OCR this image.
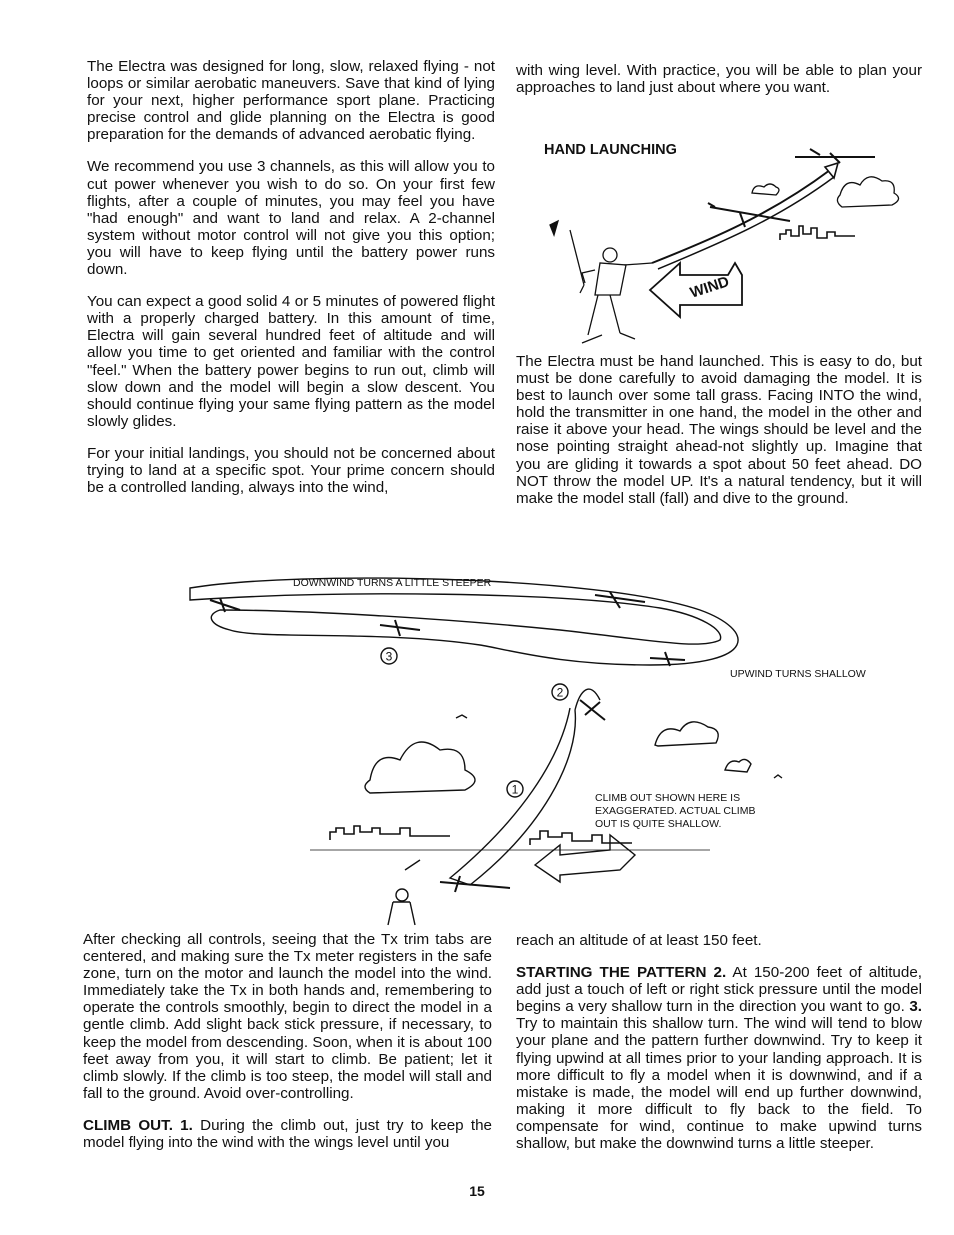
The Electra was designed for long, slow, relaxed flying - not loops or similar aerobatic maneuvers. Save that kind of lying for your next, higher performance sport plane. Practicing precise control and glide planning on the Electra is good preparation for the demands of advanced aerobatic flying.

We recommend you use 3 channels, as this will allow you to cut power whenever you wish to do so. On your first few flights, after a couple of minutes, you may feel you have "had enough" and want to land and relax. A 2-channel system without motor control will not give you this option; you will have to keep flying until the battery power runs down.

You can expect a good solid 4 or 5 minutes of powered flight with a properly charged battery. In this amount of time, Electra will gain several hundred feet of altitude and will allow you time to get oriented and familiar with the control "feel." When the battery power begins to run out, climb will slow down and the model will begin a slow descent. You should continue flying your same flying pattern as the model slowly glides.

For your initial landings, you should not be concerned about trying to land at a specific spot. Your prime concern should be a controlled landing, always into the wind,

with wing level. With practice, you will be able to plan your approaches to land just about where you want.

HAND LAUNCHING
WIND

The Electra must be hand launched. This is easy to do, but must be done carefully to avoid damaging the model. It is best to launch over some tall grass. Facing INTO the wind, hold the transmitter in one hand, the model in the other and raise it above your head. The wings should be level and the nose pointing straight ahead-not slightly up. Imagine that you are gliding it towards a spot about 50 feet ahead. DO NOT throw the model UP. It's a natural tendency, but it will make the model stall (fall) and dive to the ground.

1
2
3
DOWNWIND TURNS A LITTLE STEEPER
UPWIND TURNS SHALLOW
CLIMB OUT SHOWN HERE IS
EXAGGERATED. ACTUAL CLIMB
OUT IS QUITE SHALLOW.

After checking all controls, seeing that the Tx trim tabs are centered, and making sure the Tx meter registers in the safe zone, turn on the motor and launch the model into the wind. Immediately take the Tx in both hands and, remembering to operate the controls smoothly, begin to direct the model in a gentle climb. Add slight back stick pressure, if necessary, to keep the model from descending. Soon, when it is about 100 feet away from you, it will start to climb. Be patient; let it climb slowly. If the climb is too steep, the model will stall and fall to the ground. Avoid over-controlling.

CLIMB OUT. 1. During the climb out, just try to keep the model flying into the wind with the wings level until you

reach an altitude of at least 150 feet.

STARTING THE PATTERN 2. At 150-200 feet of altitude, add just a touch of left or right stick pressure until the model begins a very shallow turn in the direction you want to go. 3. Try to maintain this shallow turn. The wind will tend to blow your plane and the pattern further downwind. Try to keep it flying upwind at all times prior to your landing approach. It is more difficult to fly a model when it is downwind, and if a mistake is made, the model will end up further downwind, making it more difficult to fly back to the field. To compensate for wind, continue to make upwind turns shallow, but make the downwind turns a little steeper.

15
